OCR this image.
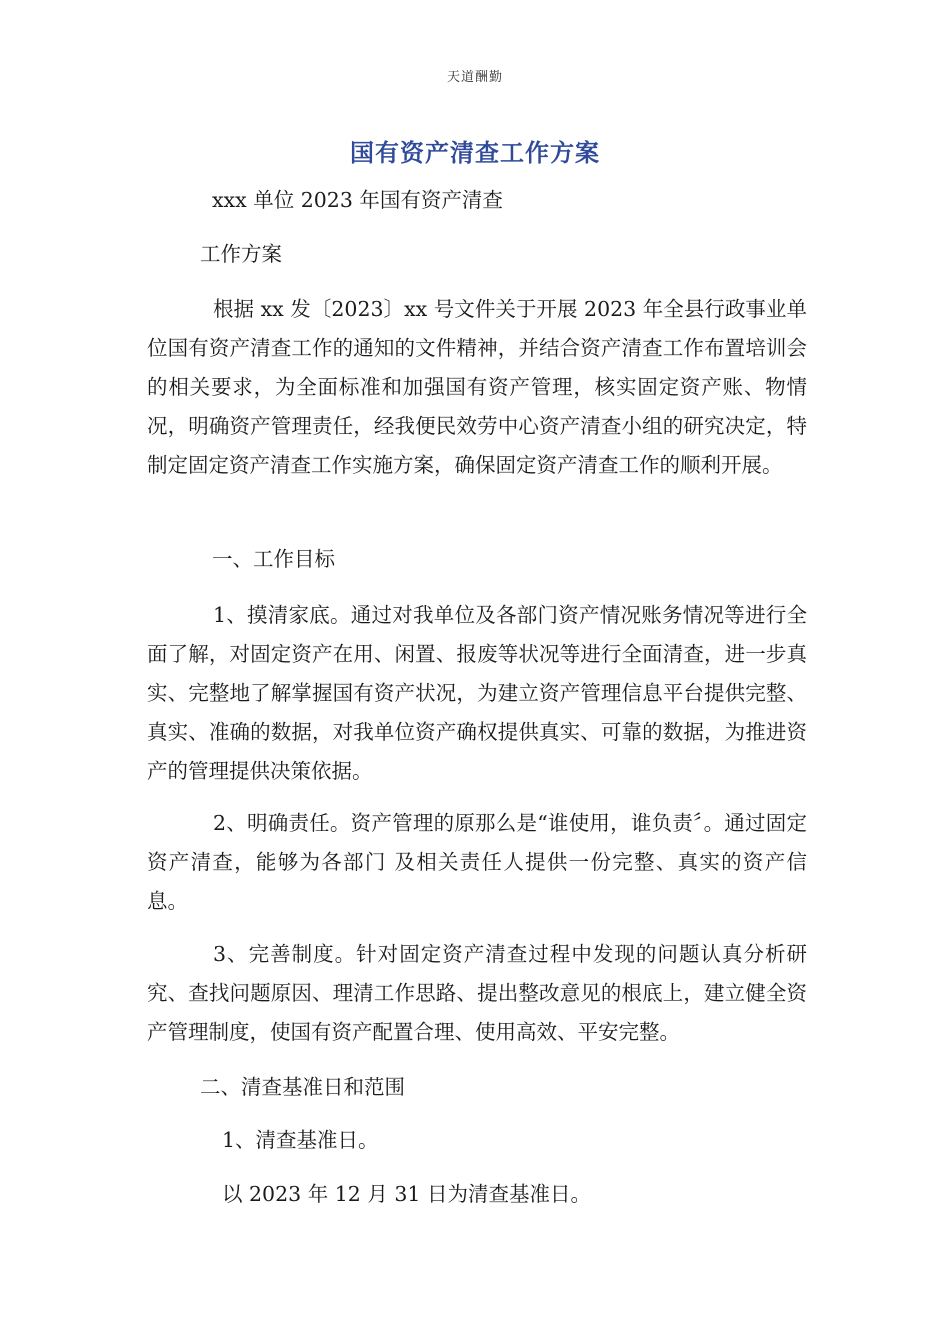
天道酬勤
国有资产清查工作方案
xxx 单位 2023 年国有资产清查
工作方案

根据 xx 发〔2023〕xx 号文件关于开展 2023 年全县行政事业单位国有资产清查工作的通知的文件精神，并结合资产清查工作布置培训会的相关要求，为全面标准和加强国有资产管理，核实固定资产账、物情况，明确资产管理责任，经我便民效劳中心资产清查小组的研究决定，特制定固定资产清查工作实施方案，确保固定资产清查工作的顺利开展。

一、工作目标

1、摸清家底。通过对我单位及各部门资产情况账务情况等进行全面了解，对固定资产在用、闲置、报废等状况等进行全面清查，进一步真实、完整地了解掌握国有资产状况，为建立资产管理信息平台提供完整、真实、准确的数据，对我单位资产确权提供真实、可靠的数据，为推进资产的管理提供决策依据。

2、明确责任。资产管理的原那么是“谁使用，谁负责〞。通过固定资产清查，能够为各部门 及相关责任人提供一份完整、真实的资产信息。

3、完善制度。针对固定资产清查过程中发现的问题认真分析研究、查找问题原因、理清工作思路、提出整改意见的根底上，建立健全资产管理制度，使国有资产配置合理、使用高效、平安完整。

二、清查基准日和范围
1、清查基准日。
以 2023 年 12 月 31 日为清查基准日。
